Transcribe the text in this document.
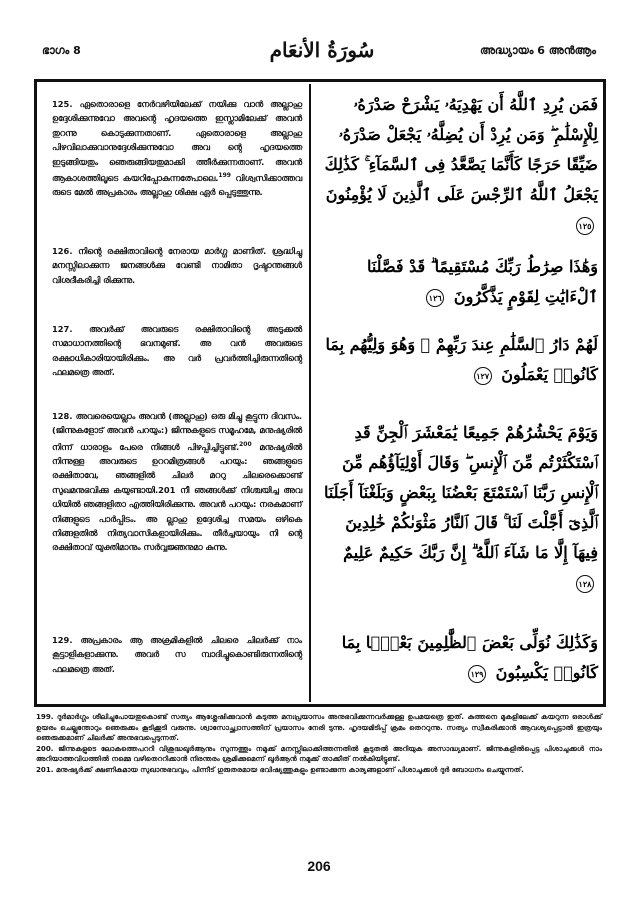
ഭാഗം 8	سُورَةُ الأنعَام	അദ്ധ്യായം 6 അൻആം
125. ഏതൊരാളെ നേർവഴിയിലേക്ക് നയിക്കു വാൻ അല്ലാഹു ഉദ്ദേശിക്കുന്നുവോ അവന്റെ ഹൃദയത്തെ ഇസ്ലാമിലേക്ക് അവൻ തുറന്നു കൊടുക്കുന്നതാണ്. ഏതൊരാളെ അല്ലാഹു പിഴവിലാക്കുവാനുദ്ദേശിക്കുന്നുവോ അവ ന്റെ ഹൃദയത്തെ ഇടുങ്ങിയതും ഞെരുങ്ങിയതുമാക്കി ത്തീർക്കുന്നതാണ്. അവൻ ആകാശത്തിലൂടെ കയറിപ്പോകുന്നത്പോലെ.$^{199}$ വിശ്വസിക്കാത്തവ രുടെ മേൽ അപ്രകാരം അല്ലാഹു ശിക്ഷ ഏർ പ്പെടുത്തുന്നു.
126. നിന്റെ രക്ഷിതാവിന്റെ നേരായ മാർഗ്ഗ മാണിത്. ശ്രദ്ധിച്ചു മനസ്സിലാക്കുന്ന ജനങ്ങൾക്കു വേണ്ടി നാമിതാ ദൃഷ്ടാന്തങ്ങൾ വിശദീകരിച്ചി രിക്കുന്നു.
127. അവർക്ക് അവരുടെ രക്ഷിതാവിന്റെ അടുക്കൽ സമാധാനത്തിന്റെ ഭവനമുണ്ട്. അ വൻ അവരുടെ രക്ഷാധികാരിയായിരിക്കും. അ വർ പ്രവർത്തിച്ചിരുന്നതിന്റെ ഫലമത്രെ അത്.
128. അവരെയെല്ലാം അവൻ (അല്ലാഹു) ഒരു മിച്ചു കൂട്ടുന്ന ദിവസം. (ജിന്നുകളോട് അവൻ പറയും:) ജിന്നുകളുടെ സമൂഹമേ, മനുഷ്യരിൽ നിന്ന് ധാരാളം പേരെ നിങ്ങൾ പിഴപ്പിച്ചിട്ടുണ്ട്.$^{200}$ മനുഷ്യരിൽ നിന്നുള്ള അവരുടെ ഉററമിത്രങ്ങൾ പറയും: ഞങ്ങളുടെ രക്ഷിതാവേ, ഞങ്ങളിൽ ചിലർ മററു ചിലരെക്കൊണ്ട് സുഖമനുഭവിക്കു കയുണ്ടായി.201 നീ ഞങ്ങൾക്ക് നിശ്ചയിച്ച അവ ധിയിൽ ഞങ്ങളിതാ എത്തിയിരിക്കുന്നു. അവൻ പറയും: നരകമാണ് നിങ്ങളുടെ പാർപ്പിടം. അ ല്ലാഹു ഉദ്ദേശിച്ച സമയം ഒഴികെ നിങ്ങളതിൽ നിത്യവാസികളായിരിക്കും. തീർച്ചയായും നി ന്റെ രക്ഷിതാവ് യുക്തിമാനും സർവ്വജ്ഞനുമാ കുന്നു.
129. അപ്രകാരം ആ അക്രമികളിൽ ചിലരെ ചിലർക്ക് നാം കൂട്ടാളികളാക്കുന്നു. അവർ സ മ്പാദിച്ചുകൊണ്ടിരുന്നതിന്റെ ഫലമത്രെ അത്.
فَمَن يُرِدِ ٱللَّهُ أَن يَهْدِيَهُۥ يَشْرَحْ صَدْرَهُۥ لِلْإِسْلَٰمِ ۖ وَمَن يُرِدْ أَن يُضِلَّهُۥ يَجْعَلْ صَدْرَهُۥ ضَيِّقًا حَرَجًا كَأَنَّمَا يَصَّعَّدُ فِى ٱلسَّمَآءِ ۚ كَذَٰلِكَ يَجْعَلُ ٱللَّهُ ٱلرِّجْسَ عَلَى ٱلَّذِينَ لَا يُؤْمِنُونَ ١٢٥
وَهَٰذَا صِرَٰطُ رَبِّكَ مُسْتَقِيمًا ۗ قَدْ فَصَّلْنَا ٱلْءَايَٰتِ لِقَوْمٍ يَذَّكَّرُونَ ١٢٦
لَهُمْ دَارُ ٱلسَّلَٰمِ عِندَ رَبِّهِمْ ۖ وَهُوَ وَلِيُّهُم بِمَا كَانُوا۟ يَعْمَلُونَ ١٢٧
وَيَوْمَ يَحْشُرُهُمْ جَمِيعًا يَٰمَعْشَرَ ٱلْجِنِّ قَدِ ٱسْتَكْثَرْتُم مِّنَ ٱلْإِنسِ ۖ وَقَالَ أَوْلِيَآؤُهُم مِّنَ ٱلْإِنسِ رَبَّنَا ٱسْتَمْتَعَ بَعْضُنَا بِبَعْضٍ وَبَلَغْنَآ أَجَلَنَا ٱلَّذِىٓ أَجَّلْتَ لَنَا ۚ قَالَ ٱلنَّارُ مَثْوَىٰكُمْ خَٰلِدِينَ فِيهَآ إِلَّا مَا شَآءَ ٱللَّهُ ۗ إِنَّ رَبَّكَ حَكِيمٌ عَلِيمٌ ١٢٨
وَكَذَٰلِكَ نُوَلِّى بَعْضَ ٱلظَّٰلِمِينَ بَعْضًۢا بِمَا كَانُوا۟ يَكْسِبُونَ ١٢٩
199. ദുർമാർഗ്ഗം ശീലിച്ചുപോയതുകൊണ്ട് സത്യം ആശ്ലേഷിക്കുവാൻ കടുത്ത മനഃപ്രയാസം അനുഭവിക്കുന്നവർക്കുള്ള ഉപമയത്രെ ഇത്. കുത്തനെ മുകളിലേക്ക് കയറുന്ന ഒരാൾക്ക് ഉയരം ചെല്ലുന്തോറും ഞെരുക്കം കൂടിക്കൂടി വരുന്നു. ശ്വാസോച്ഛ്വാസത്തിന് പ്രയാസം നേരി ടുന്നു. ഹൃദയമിടിപ്പ് ക്രമം തെററുന്നു. സത്യം സ്വീകരിക്കാൻ ആവശ്യപ്പെട്ടാൽ ഇത്രയും ഞെരുക്കമാണ് ചിലർക്ക് അനുഭവപ്പെടുന്നത്.
200. ജിന്നുകളുടെ ലോകത്തെപററി വിശുദ്ധഖുർആനും സുന്നത്തും നമുക്ക് മനസ്സിലാക്കിത്തന്നതിൽ കൂടുതൽ അറിയുക അസാദ്ധ്യമാണ്. ജിന്നുകളിൽപ്പെട്ട പിശാചുക്കൾ നാം അറിയാത്തവിധത്തിൽ നമ്മെ വഴിതെററിക്കാൻ നിരന്തരം ശ്രമിക്കുമെന്ന് ഖുർആൻ നമുക്ക് താക്കീത് നൽകിയിട്ടുണ്ട്.
201. മനുഷ്യർക്ക് ക്ഷണികമായ സുഖാനുഭവവും, പിന്നീട് ഗുരുതരമായ ഭവിഷ്യത്തുകളും ഉണ്ടാക്കുന്ന കാര്യങ്ങളാണ് പിശാചുക്കൾ ദുർ ബോധനം ചെയ്യുന്നത്.
206
